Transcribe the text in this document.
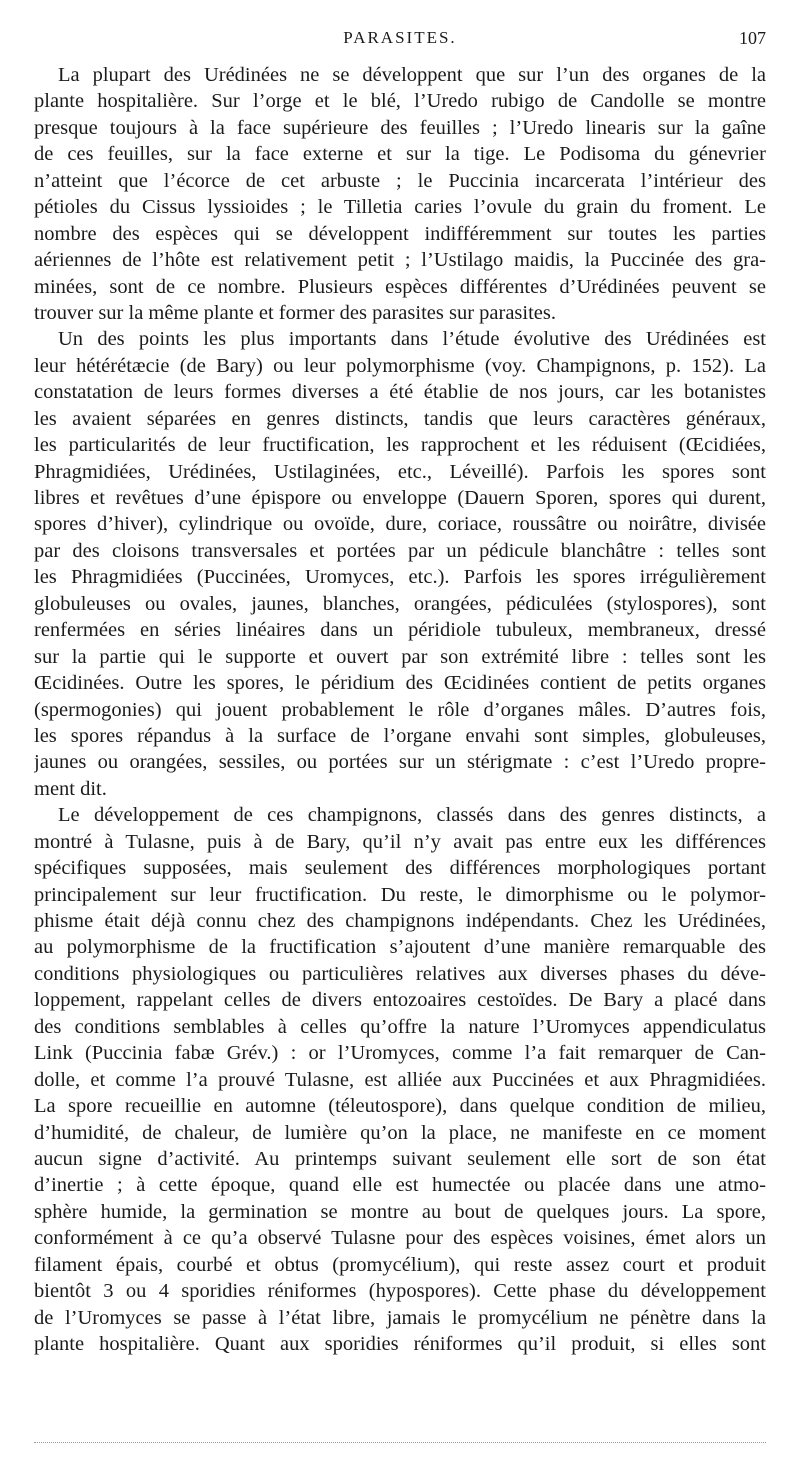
PARASITES.	107
La plupart des Urédinées ne se développent que sur l’un des organes de la
plante hospitalière. Sur l’orge et le blé, l’Uredo rubigo de Candolle se montre
presque toujours à la face supérieure des feuilles ; l’Uredo linearis sur la gaîne
de ces feuilles, sur la face externe et sur la tige. Le Podisoma du génevrier
n’atteint que l’écorce de cet arbuste ; le Puccinia incarcerata l’intérieur des
pétioles du Cissus lyssioides ; le Tilletia caries l’ovule du grain du froment. Le
nombre des espèces qui se développent indifféremment sur toutes les parties
aériennes de l’hôte est relativement petit ; l’Ustilago maidis, la Puccinée des gra-
minées, sont de ce nombre. Plusieurs espèces différentes d’Urédinées peuvent se
trouver sur la même plante et former des parasites sur parasites.
Un des points les plus importants dans l’étude évolutive des Urédinées est
leur hétérétæcie (de Bary) ou leur polymorphisme (voy. Champignons, p. 152). La
constatation de leurs formes diverses a été établie de nos jours, car les botanistes
les avaient séparées en genres distincts, tandis que leurs caractères généraux,
les particularités de leur fructification, les rapprochent et les réduisent (Œcidiées,
Phragmidiées, Urédinées, Ustilaginées, etc., Léveillé). Parfois les spores sont
libres et revêtues d’une épispore ou enveloppe (Dauern Sporen, spores qui durent,
spores d’hiver), cylindrique ou ovoïde, dure, coriace, roussâtre ou noirâtre, divisée
par des cloisons transversales et portées par un pédicule blanchâtre : telles sont
les Phragmidiées (Puccinées, Uromyces, etc.). Parfois les spores irrégulièrement
globuleuses ou ovales, jaunes, blanches, orangées, pédiculées (stylospores), sont
renfermées en séries linéaires dans un péridiole tubuleux, membraneux, dressé
sur la partie qui le supporte et ouvert par son extrémité libre : telles sont les
Œcidinées. Outre les spores, le péridium des Œcidinées contient de petits organes
(spermogonies) qui jouent probablement le rôle d’organes mâles. D’autres fois,
les spores répandus à la surface de l’organe envahi sont simples, globuleuses,
jaunes ou orangées, sessiles, ou portées sur un stérigmate : c’est l’Uredo propre-
ment dit.
Le développement de ces champignons, classés dans des genres distincts, a
montré à Tulasne, puis à de Bary, qu’il n’y avait pas entre eux les différences
spécifiques supposées, mais seulement des différences morphologiques portant
principalement sur leur fructification. Du reste, le dimorphisme ou le polymor-
phisme était déjà connu chez des champignons indépendants. Chez les Urédinées,
au polymorphisme de la fructification s’ajoutent d’une manière remarquable des
conditions physiologiques ou particulières relatives aux diverses phases du déve-
loppement, rappelant celles de divers entozoaires cestoïdes. De Bary a placé dans
des conditions semblables à celles qu’offre la nature l’Uromyces appendiculatus
Link (Puccinia fabæ Grév.) : or l’Uromyces, comme l’a fait remarquer de Can-
dolle, et comme l’a prouvé Tulasne, est alliée aux Puccinées et aux Phragmidiées.
La spore recueillie en automne (téleutospore), dans quelque condition de milieu,
d’humidité, de chaleur, de lumière qu’on la place, ne manifeste en ce moment
aucun signe d’activité. Au printemps suivant seulement elle sort de son état
d’inertie ; à cette époque, quand elle est humectée ou placée dans une atmo-
sphère humide, la germination se montre au bout de quelques jours. La spore,
conformément à ce qu’a observé Tulasne pour des espèces voisines, émet alors un
filament épais, courbé et obtus (promycélium), qui reste assez court et produit
bientôt 3 ou 4 sporidies réniformes (hypospores). Cette phase du développement
de l’Uromyces se passe à l’état libre, jamais le promycélium ne pénètre dans la
plante hospitalière. Quant aux sporidies réniformes qu’il produit, si elles sont
